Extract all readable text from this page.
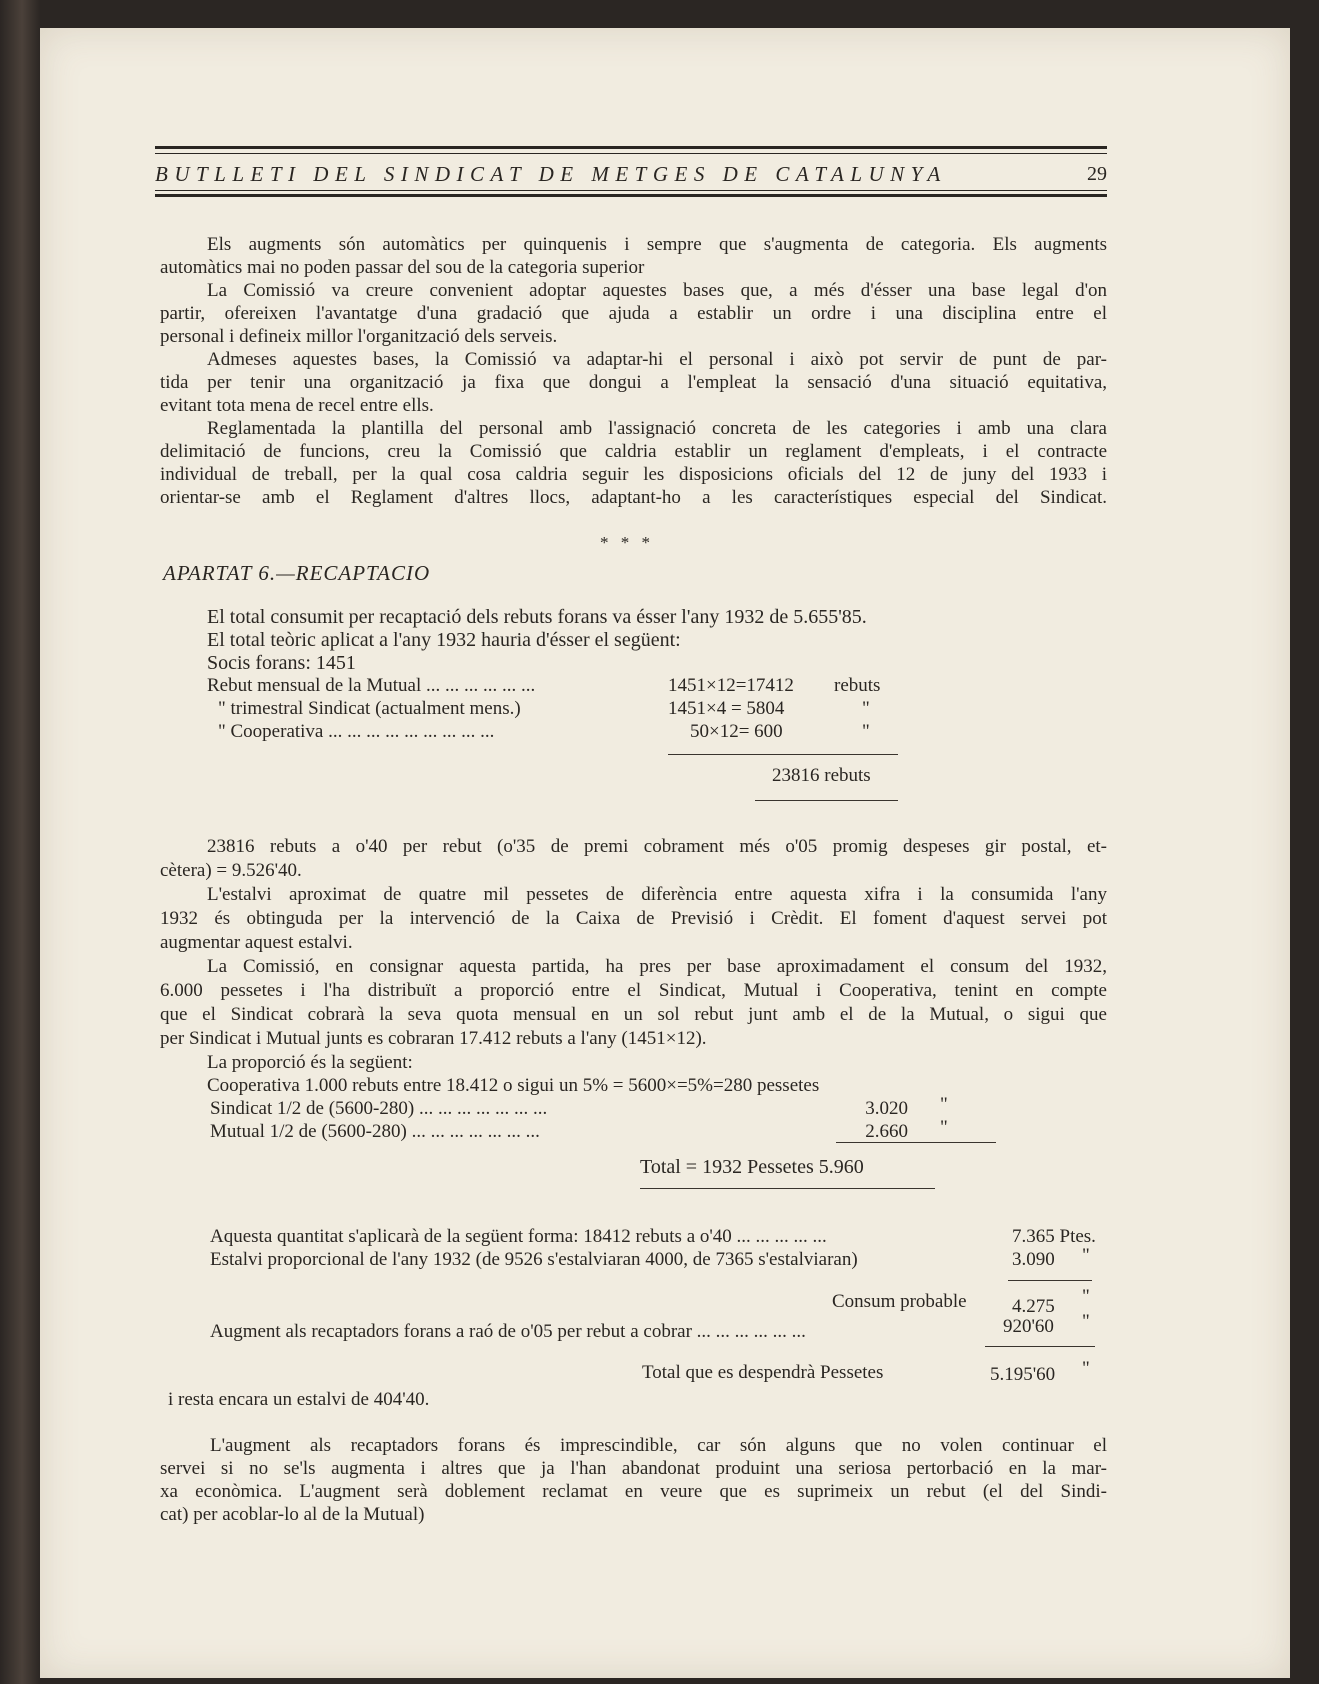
BUTLLETI DEL SINDICAT DE METGES DE CATALUNYA	29
Els augments són automàtics per quinquenis i sempre que s'augmenta de categoria. Els augments
automàtics mai no poden passar del sou de la categoria superior
La Comissió va creure convenient adoptar aquestes bases que, a més d'ésser una base legal d'on
partir, ofereixen l'avantatge d'una gradació que ajuda a establir un ordre i una disciplina entre el
personal i defineix millor l'organització dels serveis.
Admeses aquestes bases, la Comissió va adaptar-hi el personal i això pot servir de punt de par-
tida per tenir una organització ja fixa que dongui a l'empleat la sensació d'una situació equitativa,
evitant tota mena de recel entre ells.
Reglamentada la plantilla del personal amb l'assignació concreta de les categories i amb una clara
delimitació de funcions, creu la Comissió que caldria establir un reglament d'empleats, i el contracte
individual de treball, per la qual cosa caldria seguir les disposicions oficials del 12 de juny del 1933 i
orientar-se amb el Reglament d'altres llocs, adaptant-ho a les característiques especial del Sindicat.
* * *
APARTAT 6.—RECAPTACIO
El total consumit per recaptació dels rebuts forans va ésser l'any 1932 de 5.655'85.
El total teòric aplicat a l'any 1932 hauria d'ésser el següent:
Socis forans: 1451
Rebut mensual de la Mutual ... ... ... ... ... ...	1451×12=17412 rebuts
" trimestral Sindicat (actualment mens.)	1451×4 = 5804	"
" Cooperativa ... ... ... ... ... ... ... ... ...	50×12= 600	"
23816 rebuts
23816 rebuts a o'40 per rebut (o'35 de premi cobrament més o'05 promig despeses gir postal, et-
cètera) = 9.526'40.
L'estalvi aproximat de quatre mil pessetes de diferència entre aquesta xifra i la consumida l'any
1932 és obtinguda per la intervenció de la Caixa de Previsió i Crèdit. El foment d'aquest servei pot
augmentar aquest estalvi.
La Comissió, en consignar aquesta partida, ha pres per base aproximadament el consum del 1932,
6.000 pessetes i l'ha distribuït a proporció entre el Sindicat, Mutual i Cooperativa, tenint en compte
que el Sindicat cobrarà la seva quota mensual en un sol rebut junt amb el de la Mutual, o sigui que
per Sindicat i Mutual junts es cobraran 17.412 rebuts a l'any (1451×12).
La proporció és la següent:
Cooperativa 1.000 rebuts entre 18.412 o sigui un 5% = 5600×=5%=280 pessetes
Sindicat 1/2 de (5600-280) ... ... ... ... ... ... ...	3.020 "
Mutual 1/2 de (5600-280) ... ... ... ... ... ... ...	2.660 "
Total = 1932 Pessetes 5.960
Aquesta quantitat s'aplicarà de la següent forma: 18412 rebuts a o'40 ... ... ... ... ...	7.365 Ptes.
Estalvi proporcional de l'any 1932 (de 9526 s'estalviaran 4000, de 7365 s'estalviaran)	3.090 "
Consum probable 4.275 "
Augment als recaptadors forans a raó de o'05 per rebut a cobrar ... ... ... ... ... ...	920'60 "
Total que es despendrà Pessetes	5.195'60 "
i resta encara un estalvi de 404'40.
L'augment als recaptadors forans és imprescindible, car són alguns que no volen continuar el
servei si no se'ls augmenta i altres que ja l'han abandonat produint una seriosa pertorbació en la mar-
xa econòmica. L'augment serà doblement reclamat en veure que es suprimeix un rebut (el del Sindi-
cat) per acoblar-lo al de la Mutual)
